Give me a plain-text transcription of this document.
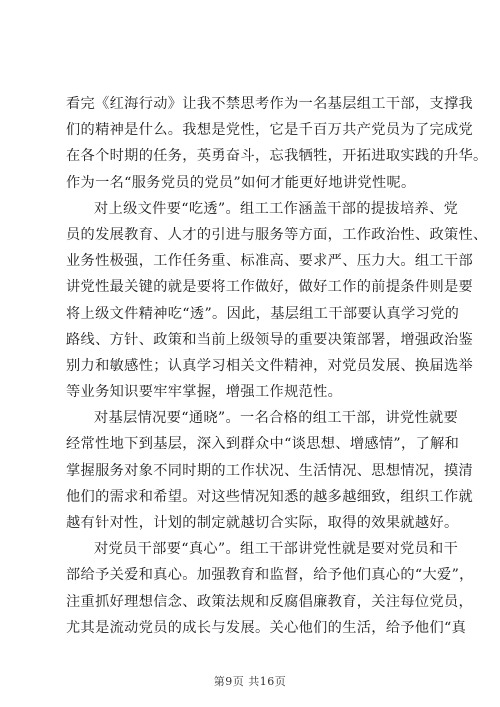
看完《红海行动》让我不禁思考作为一名基层组工干部，支撑我
们的精神是什么。我想是党性，它是千百万共产党员为了完成党
在各个时期的任务，英勇奋斗，忘我牺牲，开拓进取实践的升华。
作为一名“服务党员的党员”如何才能更好地讲党性呢。
对上级文件要“吃透”。组工工作涵盖干部的提拔培养、党
员的发展教育、人才的引进与服务等方面，工作政治性、政策性、
业务性极强，工作任务重、标准高、要求严、压力大。组工干部
讲党性最关键的就是要将工作做好，做好工作的前提条件则是要
将上级文件精神吃“透”。因此，基层组工干部要认真学习党的
路线、方针、政策和当前上级领导的重要决策部署，增强政治鉴
别力和敏感性；认真学习相关文件精神，对党员发展、换届选举
等业务知识要牢牢掌握，增强工作规范性。
对基层情况要“通晓”。一名合格的组工干部，讲党性就要
经常性地下到基层，深入到群众中“谈思想、增感情”，了解和
掌握服务对象不同时期的工作状况、生活情况、思想情况，摸清
他们的需求和希望。对这些情况知悉的越多越细致，组织工作就
越有针对性，计划的制定就越切合实际，取得的效果就越好。
对党员干部要“真心”。组工干部讲党性就是要对党员和干
部给予关爱和真心。加强教育和监督，给予他们真心的“大爱”，
注重抓好理想信念、政策法规和反腐倡廉教育，关注每位党员，
尤其是流动党员的成长与发展。关心他们的生活，给予他们“真
第9页 共16页
